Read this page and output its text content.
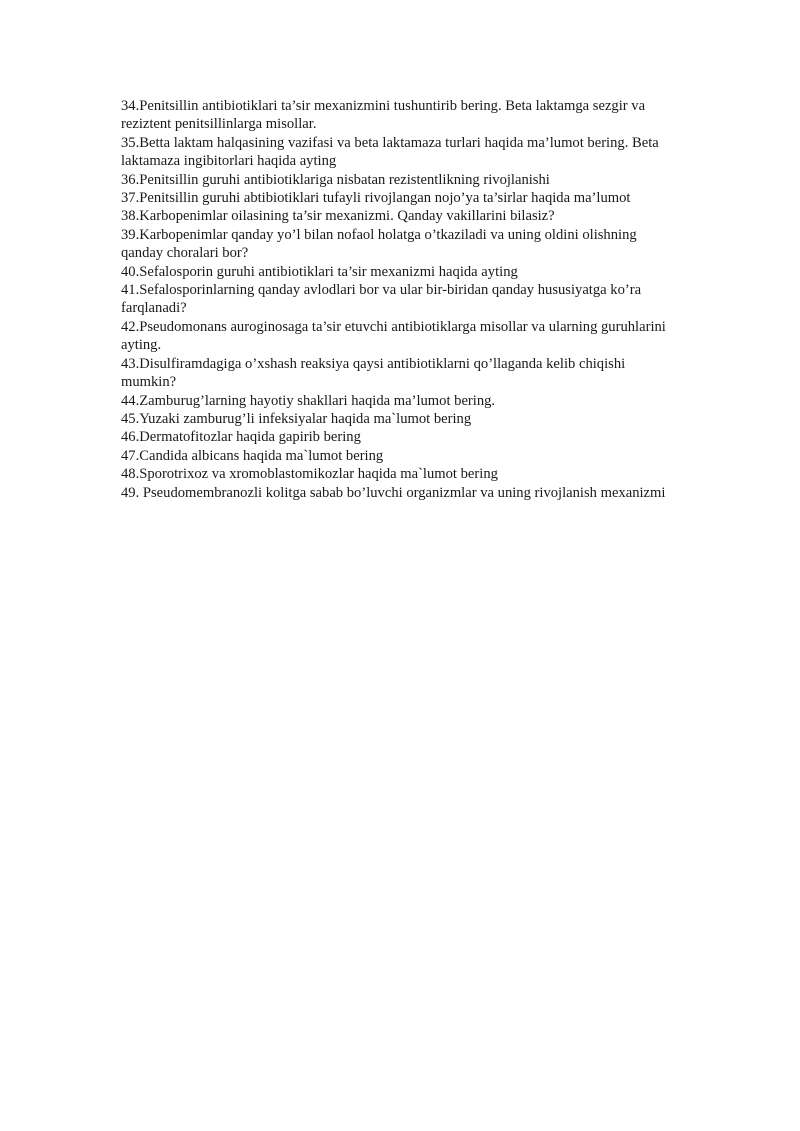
34.Penitsillin antibiotiklari ta’sir mexanizmini tushuntirib bering. Beta laktamga sezgir va reziztent penitsillinlarga misollar.
35.Betta laktam halqasining vazifasi va beta laktamaza turlari haqida ma’lumot bering. Beta laktamaza ingibitorlari haqida ayting
36.Penitsillin guruhi antibiotiklariga nisbatan rezistentlikning rivojlanishi
37.Penitsillin guruhi abtibiotiklari tufayli rivojlangan nojo’ya ta’sirlar haqida ma’lumot
38.Karbopenimlar oilasining ta’sir mexanizmi. Qanday vakillarini bilasiz?
39.Karbopenimlar qanday yo’l bilan nofaol holatga o’tkaziladi va uning oldini olishning qanday choralari bor?
40.Sefalosporin guruhi antibiotiklari ta’sir mexanizmi haqida ayting
41.Sefalosporinlarning qanday avlodlari bor va ular bir-biridan qanday hususiyatga ko’ra farqlanadi?
42.Pseudomonans auroginosaga ta’sir etuvchi antibiotiklarga misollar va ularning guruhlarini ayting.
43.Disulfiramdagiga o’xshash reaksiya qaysi antibiotiklarni qo’llaganda kelib chiqishi mumkin?
44.Zamburug’larning hayotiy shakllari haqida ma’lumot bering.
45.Yuzaki zamburug’li infeksiyalar haqida ma`lumot bering
46.Dermatofitozlar haqida gapirib bering
47.Candida albicans haqida ma`lumot bering
48.Sporotrixoz va xromoblastomikozlar haqida ma`lumot bering
49. Pseudomembranozli kolitga sabab bo’luvchi organizmlar va uning rivojlanish mexanizmi
